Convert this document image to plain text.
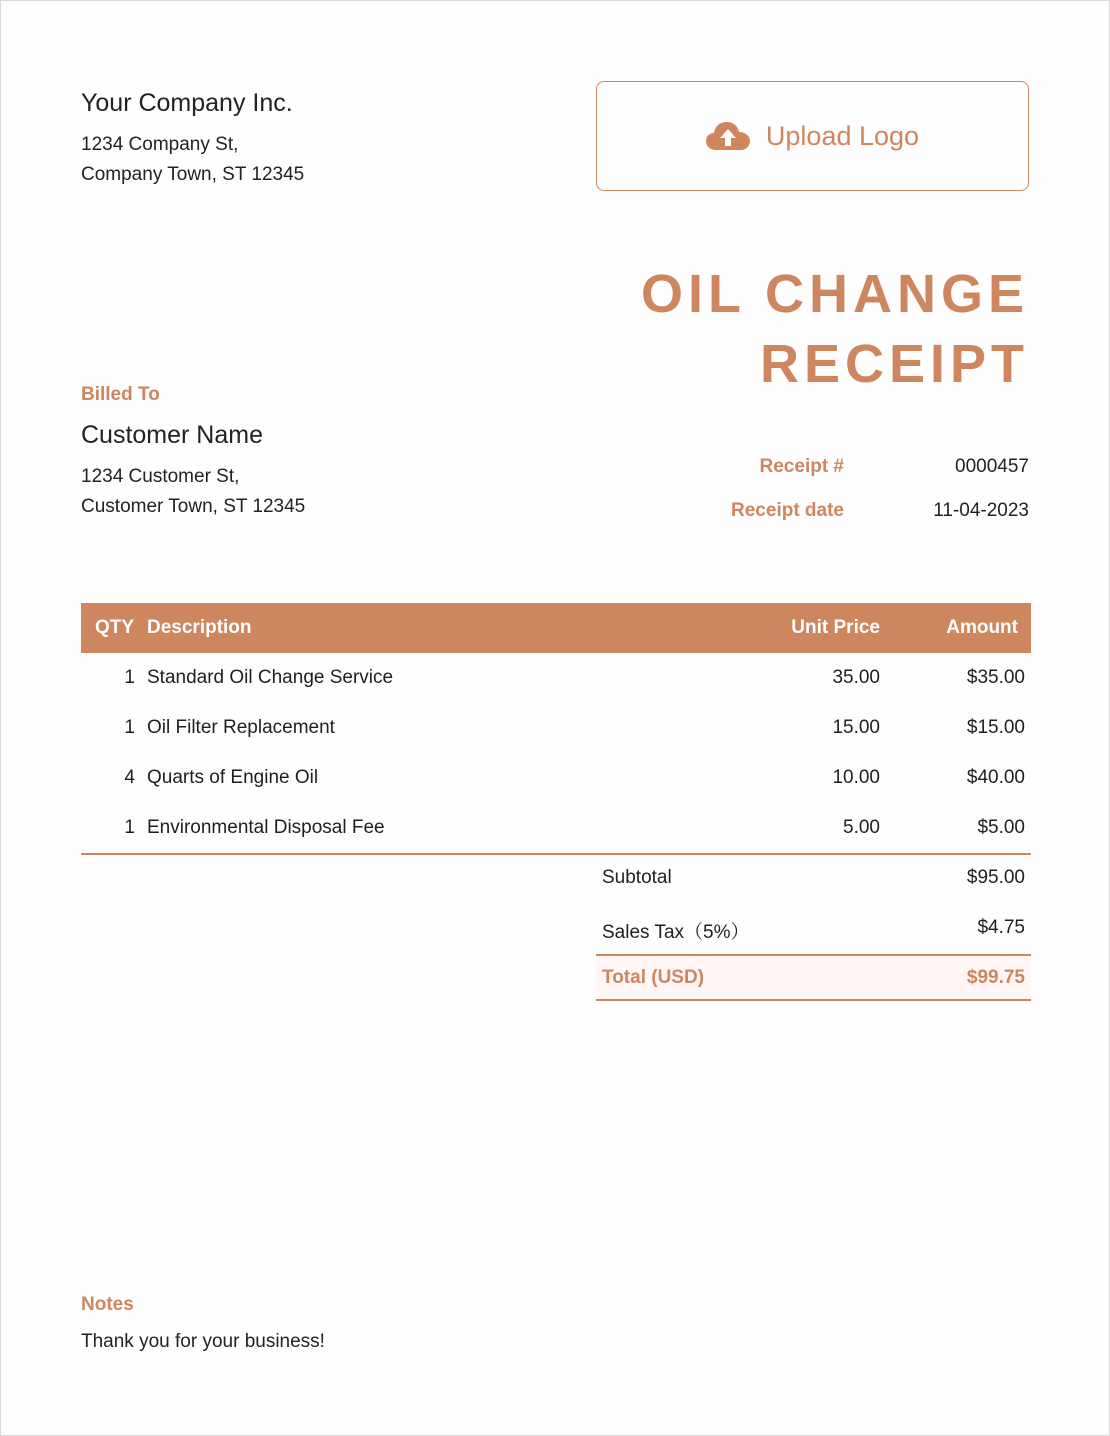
Your Company Inc.
1234 Company St,
Company Town, ST 12345
Upload Logo
OIL CHANGE
RECEIPT
Billed To
Customer Name
1234 Customer St,
Customer Town, ST 12345
Receipt #	0000457
Receipt date	11-04-2023
QTY Description	Unit Price	Amount
1 Standard Oil Change Service	35.00	$35.00
1 Oil Filter Replacement	15.00	$15.00
4 Quarts of Engine Oil	10.00	$40.00
1 Environmental Disposal Fee	5.00	$5.00
Subtotal	$95.00
Sales Tax（5%）	$4.75
Total (USD)	$99.75
Notes
Thank you for your business!
